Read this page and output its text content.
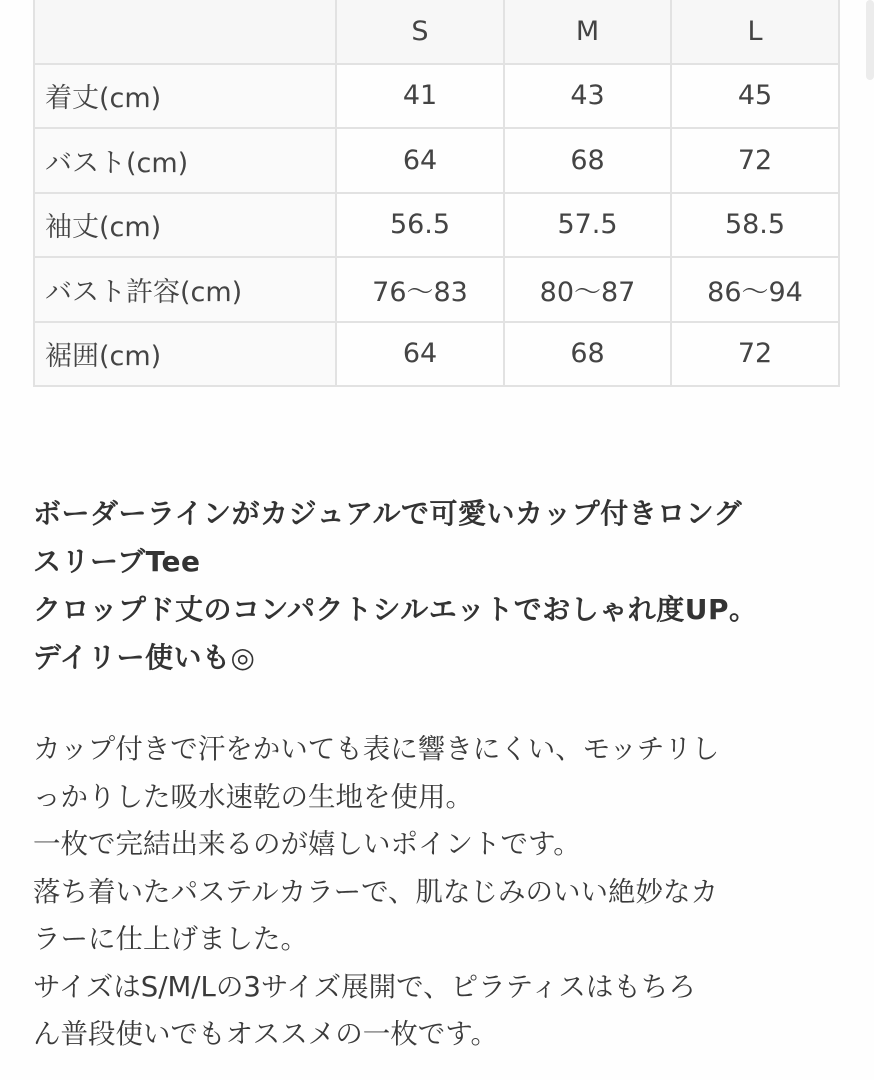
	S	M	L
着丈(cm)	41	43	45
バスト(cm)	64	68	72
袖丈(cm)	56.5	57.5	58.5
バスト許容(cm)	76〜83	80〜87	86〜94
裾囲(cm)	64	68	72

ボーダーラインがカジュアルで可愛いカップ付きロング

スリーブTee

クロップド丈のコンパクトシルエットでおしゃれ度UP。

デイリー使いも◎

カップ付きで汗をかいても表に響きにくい、モッチリし

っかりした吸水速乾の生地を使用。

一枚で完結出来るのが嬉しいポイントです。

落ち着いたパステルカラーで、肌なじみのいい絶妙なカ

ラーに仕上げました。

サイズはS/M/Lの3サイズ展開で、ピラティスはもちろ

ん普段使いでもオススメの一枚です。
